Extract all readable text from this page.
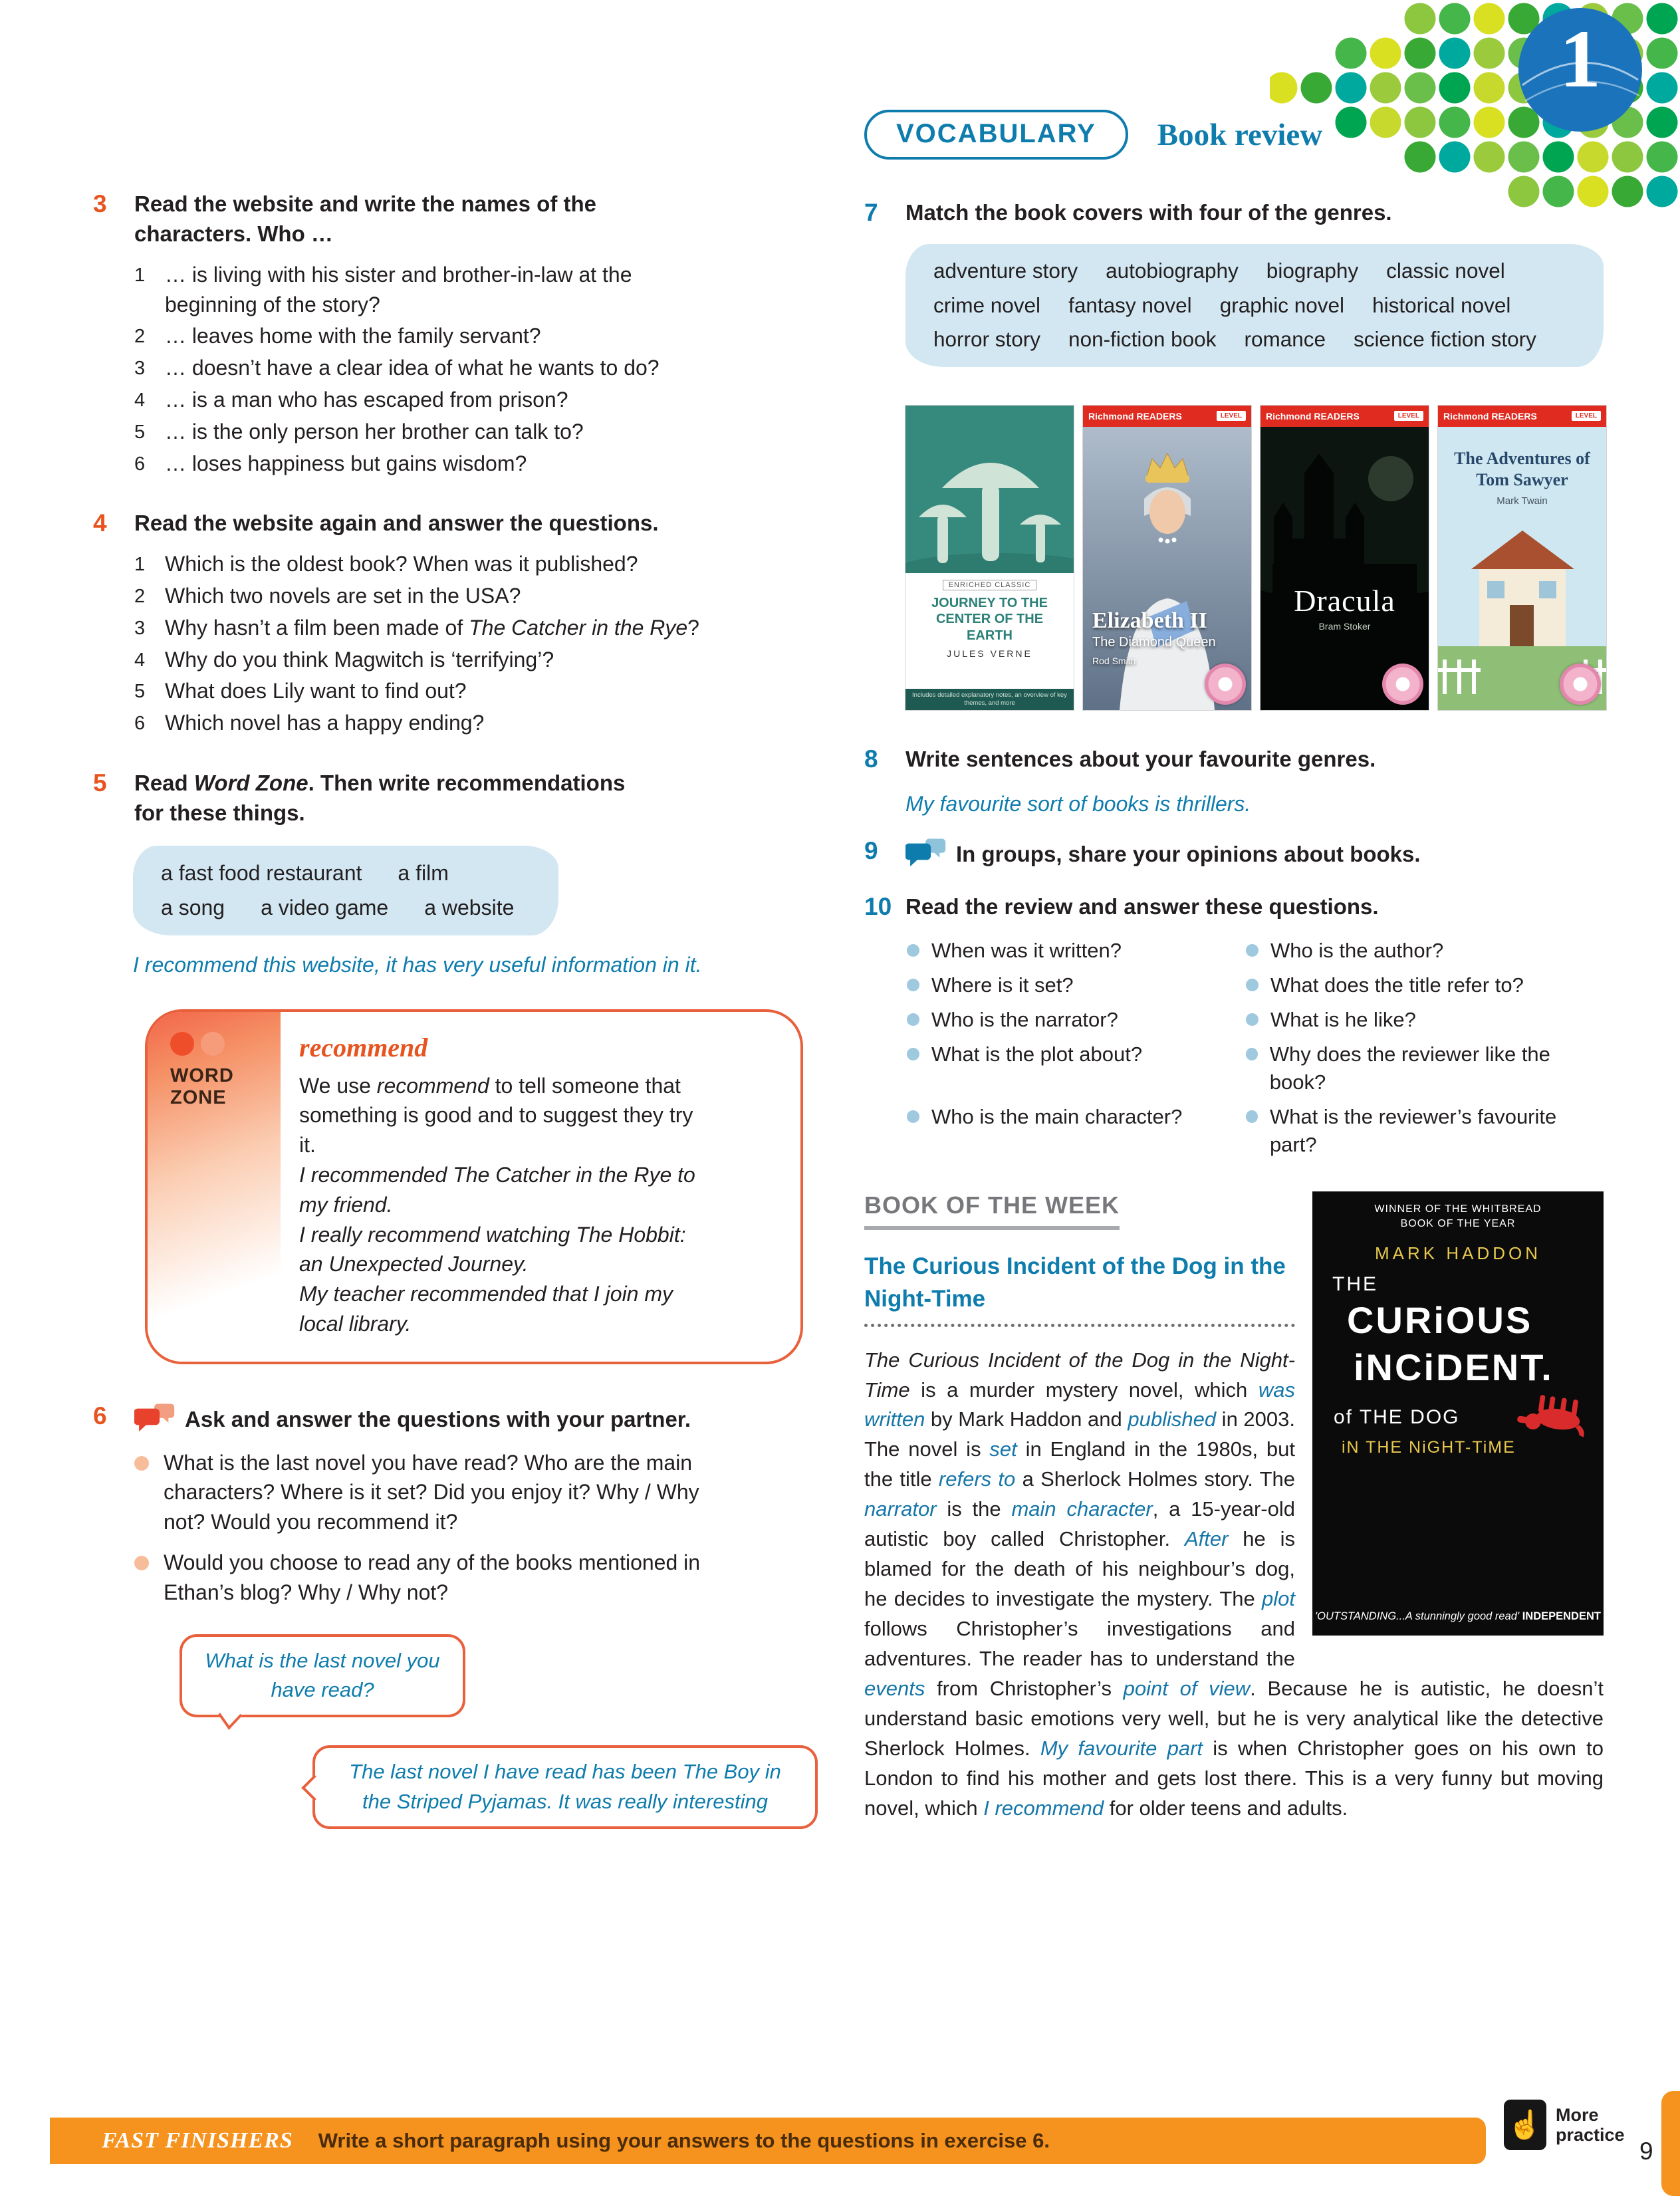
1
3	Read the website and write the names of the characters. Who …
1 … is living with his sister and brother-in-law at the beginning of the story?
2 … leaves home with the family servant?
3 … doesn’t have a clear idea of what he wants to do?
4 … is a man who has escaped from prison?
5 … is the only person her brother can talk to?
6 … loses happiness but gains wisdom?
4	Read the website again and answer the questions.
1 Which is the oldest book? When was it published?
2 Which two novels are set in the USA?
3 Why hasn’t a film been made of The Catcher in the Rye?
4 Why do you think Magwitch is ‘terrifying’?
5 What does Lily want to find out?
6 Which novel has a happy ending?
5	Read Word Zone. Then write recommendations for these things.
a fast food restaurant a film
a song a video game a website

I recommend this website, it has very useful information in it.

WORD
ZONE
recommend

We use recommend to tell someone that something is good and to suggest they try it.

I recommended The Catcher in the Rye to my friend.
I really recommend watching The Hobbit: an Unexpected Journey.
My teacher recommended that I join my local library.
6	Ask and answer the questions with your partner.
What is the last novel you have read? Who are the main characters? Where is it set? Did you enjoy it? Why / Why not? Would you recommend it?
Would you choose to read any of the books mentioned in Ethan’s blog? Why / Why not?
What is the last novel you have read?
The last novel I have read has been The Boy in the Striped Pyjamas. It was really interesting
VOCABULARY	Book review
7	Match the book covers with four of the genres.
adventure story autobiography biography classic novel
crime novel fantasy novel graphic novel historical novel
horror story non-fiction book romance science fiction story
ENRICHED CLASSIC
JOURNEY TO THE CENTER OF THE EARTH
JULES VERNE
Includes detailed explanatory notes, an overview of key themes, and more
Richmond READERS	LEVEL
Elizabeth II
The Diamond Queen
Rod Smith
Richmond READERS	LEVEL
Dracula
Bram Stoker
Richmond READERS	LEVEL
The Adventures of Tom Sawyer
Mark Twain
8	Write sentences about your favourite genres.

My favourite sort of books is thrillers.

9	In groups, share your opinions about books.
10 Read the review and answer these questions.
When was it written?	Who is the author?
Where is it set?	What does the title refer to?
Who is the narrator?	What is he like?
What is the plot about?	Why does the reviewer like the book?
Who is the main character?	What is the reviewer’s favourite part?
WINNER OF THE WHITBREAD
BOOK OF THE YEAR
MARK HADDON
THE
CURiOUS
iNCiDENT.
of THE DOG
iN THE NiGHT-TiME
'OUTSTANDING...A stunningly good read' INDEPENDENT
BOOK OF THE WEEK
The Curious Incident of the Dog in the Night-Time

The Curious Incident of the Dog in the Night-Time is a murder mystery novel, which was written by Mark Haddon and published in 2003. The novel is set in England in the 1980s, but the title refers to a Sherlock Holmes story. The narrator is the main character, a 15-year-old autistic boy called Christopher. After he is blamed for the death of his neighbour’s dog, he decides to investigate the mystery. The plot follows Christopher’s investigations and adventures. The reader has to understand the events from Christopher’s point of view. Because he is autistic, he doesn’t understand basic emotions very well, but he is very analytical like the detective Sherlock Holmes. My favourite part is when Christopher goes on his own to London to find his mother and gets lost there. This is a very funny but moving novel, which I recommend for older teens and adults.

FAST FINISHERS Write a short paragraph using your answers to the questions in exercise 6.
☝ More practice
9
